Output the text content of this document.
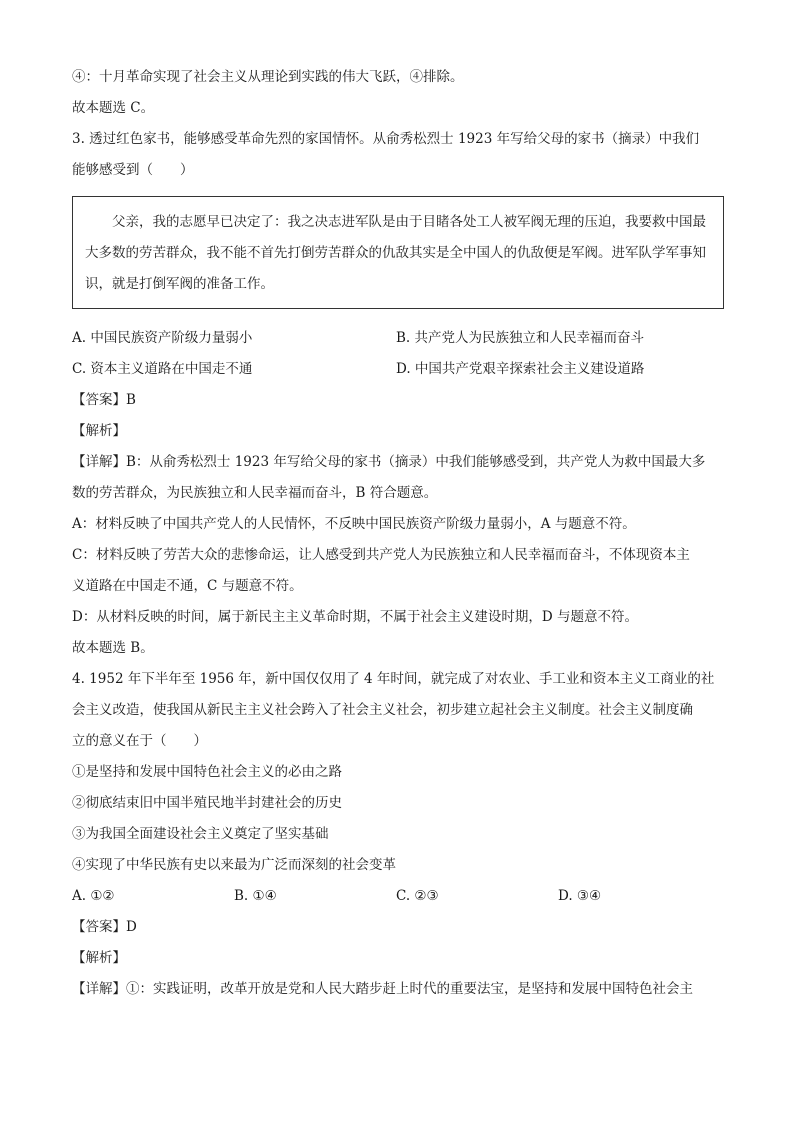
④：十月革命实现了社会主义从理论到实践的伟大飞跃，④排除。

故本题选 C。

3. 透过红色家书，能够感受革命先烈的家国情怀。从俞秀松烈士 1923 年写给父母的家书（摘录）中我们

能够感受到（　　）

父亲，我的志愿早已决定了：我之决志进军队是由于目睹各处工人被军阀无理的压迫，我要救中国最大多数的劳苦群众，我不能不首先打倒劳苦群众的仇敌其实是全中国人的仇敌便是军阀。进军队学军事知识，就是打倒军阀的准备工作。

A. 中国民族资产阶级力量弱小	B. 共产党人为民族独立和人民幸福而奋斗
C. 资本主义道路在中国走不通	D. 中国共产党艰辛探索社会主义建设道路

【答案】B

【解析】

【详解】B：从俞秀松烈士 1923 年写给父母的家书（摘录）中我们能够感受到，共产党人为救中国最大多

数的劳苦群众，为民族独立和人民幸福而奋斗，B 符合题意。

A：材料反映了中国共产党人的人民情怀，不反映中国民族资产阶级力量弱小，A 与题意不符。

C：材料反映了劳苦大众的悲惨命运，让人感受到共产党人为民族独立和人民幸福而奋斗，不体现资本主

义道路在中国走不通，C 与题意不符。

D：从材料反映的时间，属于新民主主义革命时期，不属于社会主义建设时期，D 与题意不符。

故本题选 B。

4. 1952 年下半年至 1956 年，新中国仅仅用了 4 年时间，就完成了对农业、手工业和资本主义工商业的社

会主义改造，使我国从新民主主义社会跨入了社会主义社会，初步建立起社会主义制度。社会主义制度确

立的意义在于（　　）

①是坚持和发展中国特色社会主义的必由之路

②彻底结束旧中国半殖民地半封建社会的历史

③为我国全面建设社会主义奠定了坚实基础

④实现了中华民族有史以来最为广泛而深刻的社会变革

A. ①②	B. ①④	C. ②③	D. ③④

【答案】D

【解析】

【详解】①：实践证明，改革开放是党和人民大踏步赶上时代的重要法宝，是坚持和发展中国特色社会主
